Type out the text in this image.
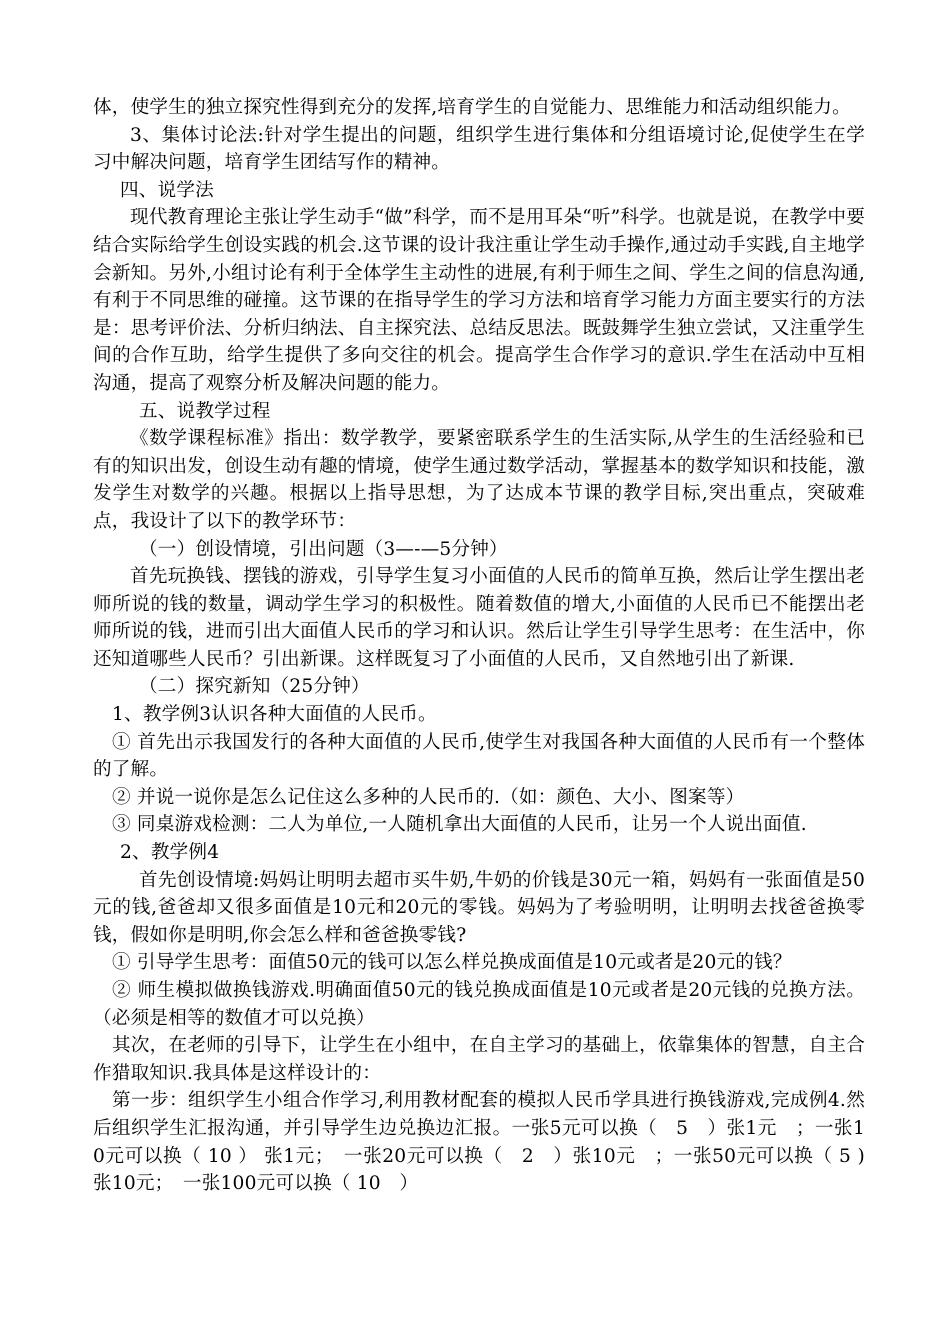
体，使学生的独立探究性得到充分的发挥,培育学生的自觉能力、思维能力和活动组织能力。

3、集体讨论法:针对学生提出的问题，组织学生进行集体和分组语境讨论,促使学生在学习中解决问题，培育学生团结写作的精神。

四、说学法

现代教育理论主张让学生动手“做”科学，而不是用耳朵“听”科学。也就是说，在教学中要结合实际给学生创设实践的机会.这节课的设计我注重让学生动手操作,通过动手实践,自主地学会新知。另外,小组讨论有利于全体学生主动性的进展,有利于师生之间、学生之间的信息沟通,有利于不同思维的碰撞。这节课的在指导学生的学习方法和培育学习能力方面主要实行的方法是：思考评价法、分析归纳法、自主探究法、总结反思法。既鼓舞学生独立尝试，又注重学生间的合作互助，给学生提供了多向交往的机会。提高学生合作学习的意识.学生在活动中互相沟通，提高了观察分析及解决问题的能力。

五、说教学过程

《数学课程标准》指出：数学教学，要紧密联系学生的生活实际,从学生的生活经验和已有的知识出发，创设生动有趣的情境，使学生通过数学活动，掌握基本的数学知识和技能，激发学生对数学的兴趣。根据以上指导思想，为了达成本节课的教学目标,突出重点，突破难点，我设计了以下的教学环节：

（一）创设情境，引出问题（3—-—5分钟）

首先玩换钱、摆钱的游戏，引导学生复习小面值的人民币的简单互换，然后让学生摆出老师所说的钱的数量，调动学生学习的积极性。随着数值的增大,小面值的人民币已不能摆出老师所说的钱，进而引出大面值人民币的学习和认识。然后让学生引导学生思考：在生活中，你还知道哪些人民币？引出新课。这样既复习了小面值的人民币，又自然地引出了新课.

（二）探究新知（25分钟）

1、教学例3认识各种大面值的人民币。

① 首先出示我国发行的各种大面值的人民币,使学生对我国各种大面值的人民币有一个整体的了解。

② 并说一说你是怎么记住这么多种的人民币的.（如：颜色、大小、图案等）

③ 同桌游戏检测：二人为单位,一人随机拿出大面值的人民币，让另一个人说出面值.

2、教学例4

首先创设情境:妈妈让明明去超市买牛奶,牛奶的价钱是30元一箱，妈妈有一张面值是50元的钱,爸爸却又很多面值是10元和20元的零钱。妈妈为了考验明明，让明明去找爸爸换零钱，假如你是明明,你会怎么样和爸爸换零钱?

① 引导学生思考：面值50元的钱可以怎么样兑换成面值是10元或者是20元的钱？

② 师生模拟做换钱游戏.明确面值50元的钱兑换成面值是10元或者是20元钱的兑换方法。（必须是相等的数值才可以兑换）

其次，在老师的引导下，让学生在小组中，在自主学习的基础上，依靠集体的智慧，自主合作猎取知识.我具体是这样设计的：

第一步：组织学生小组合作学习,利用教材配套的模拟人民币学具进行换钱游戏,完成例4.然后组织学生汇报沟通，并引导学生边兑换边汇报。一张5元可以换（　5　）张1元　；一张10元可以换（ 10 ） 张1元；　一张20元可以换（　2　）张10元　；一张50元可以换（ 5 )张10元；　一张100元可以换（ 10　）
